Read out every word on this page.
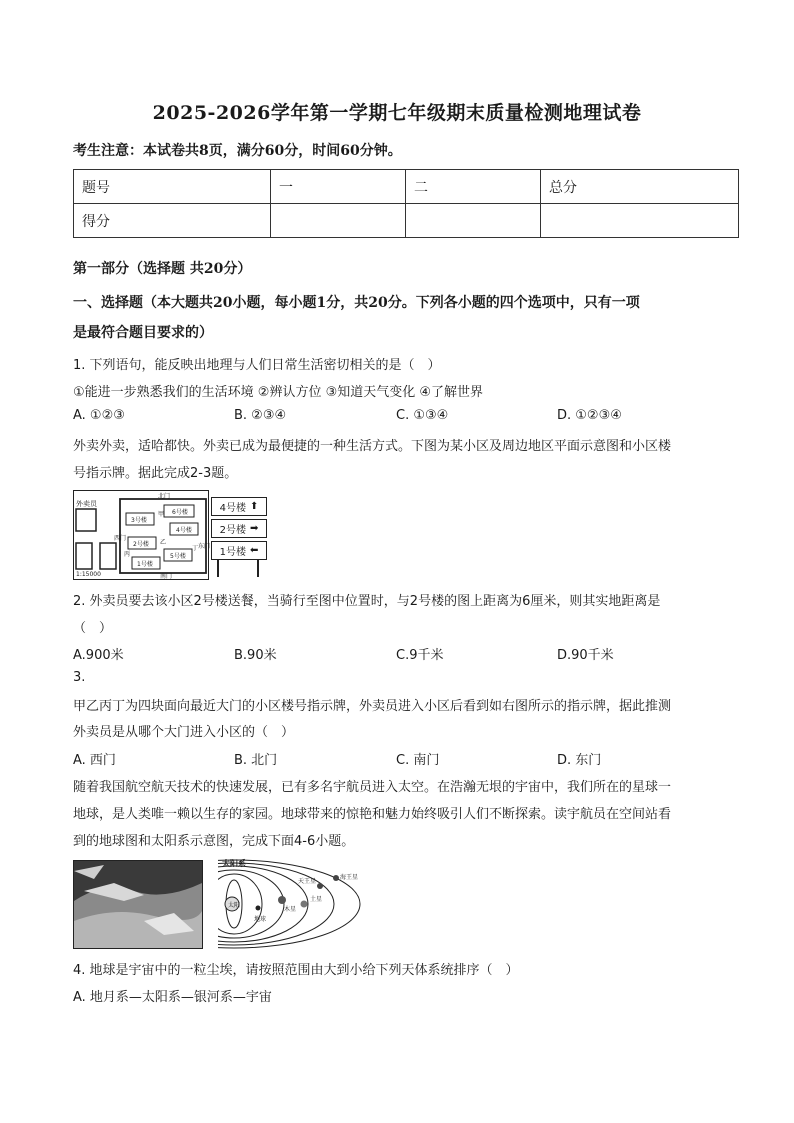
2025-2026学年第一学期七年级期末质量检测地理试卷
考生注意：本试卷共8页，满分60分，时间60分钟。
题号	一	二	总分
得分			
第一部分（选择题 共20分）
一、选择题（本大题共20小题，每小题1分，共20分。下列各小题的四个选项中，只有一项
是最符合题目要求的）
1. 下列语句，能反映出地理与人们日常生活密切相关的是（　）
①能进一步熟悉我们的生活环境 ②辨认方位 ③知道天气变化 ④了解世界
A. ①②③	B. ②③④	C. ①③④	D. ①②③④
外卖外卖，适哈都快。外卖已成为最便捷的一种生活方式。下图为某小区及周边地区平面示意图和小区楼
号指示牌。据此完成2-3题。
外卖员
北门
南门
西门
东门
6号楼
3号楼
4号楼
2号楼
5号楼
1号楼
甲
乙
丙
丁
1:15000
4号楼 ⬆
2号楼 ➡
1号楼 ⬅
2. 外卖员要去该小区2号楼送餐，当骑行至图中位置时，与2号楼的图上距离为6厘米，则其实地距离是
（　）
A.900米	B.90米	C.9千米	D.90千米
3.
甲乙丙丁为四块面向最近大门的小区楼号指示牌，外卖员进入小区后看到如右图所示的指示牌，据此推测
外卖员是从哪个大门进入小区的（　）
A. 西门	B. 北门	C. 南门	D. 东门
随着我国航空航天技术的快速发展，已有多名宇航员进入太空。在浩瀚无垠的宇宙中，我们所在的星球一
地球，是人类唯一赖以生存的家园。地球带来的惊艳和魅力始终吸引人们不断探索。读宇航员在空间站看
到的地球图和太阳系示意图，完成下面4-6小题。
太阳系
太阳
天王星
海王星
地球
木星
土星
4. 地球是宇宙中的一粒尘埃，请按照范围由大到小给下列天体系统排序（　）
A. 地月系—太阳系—银河系—宇宙
